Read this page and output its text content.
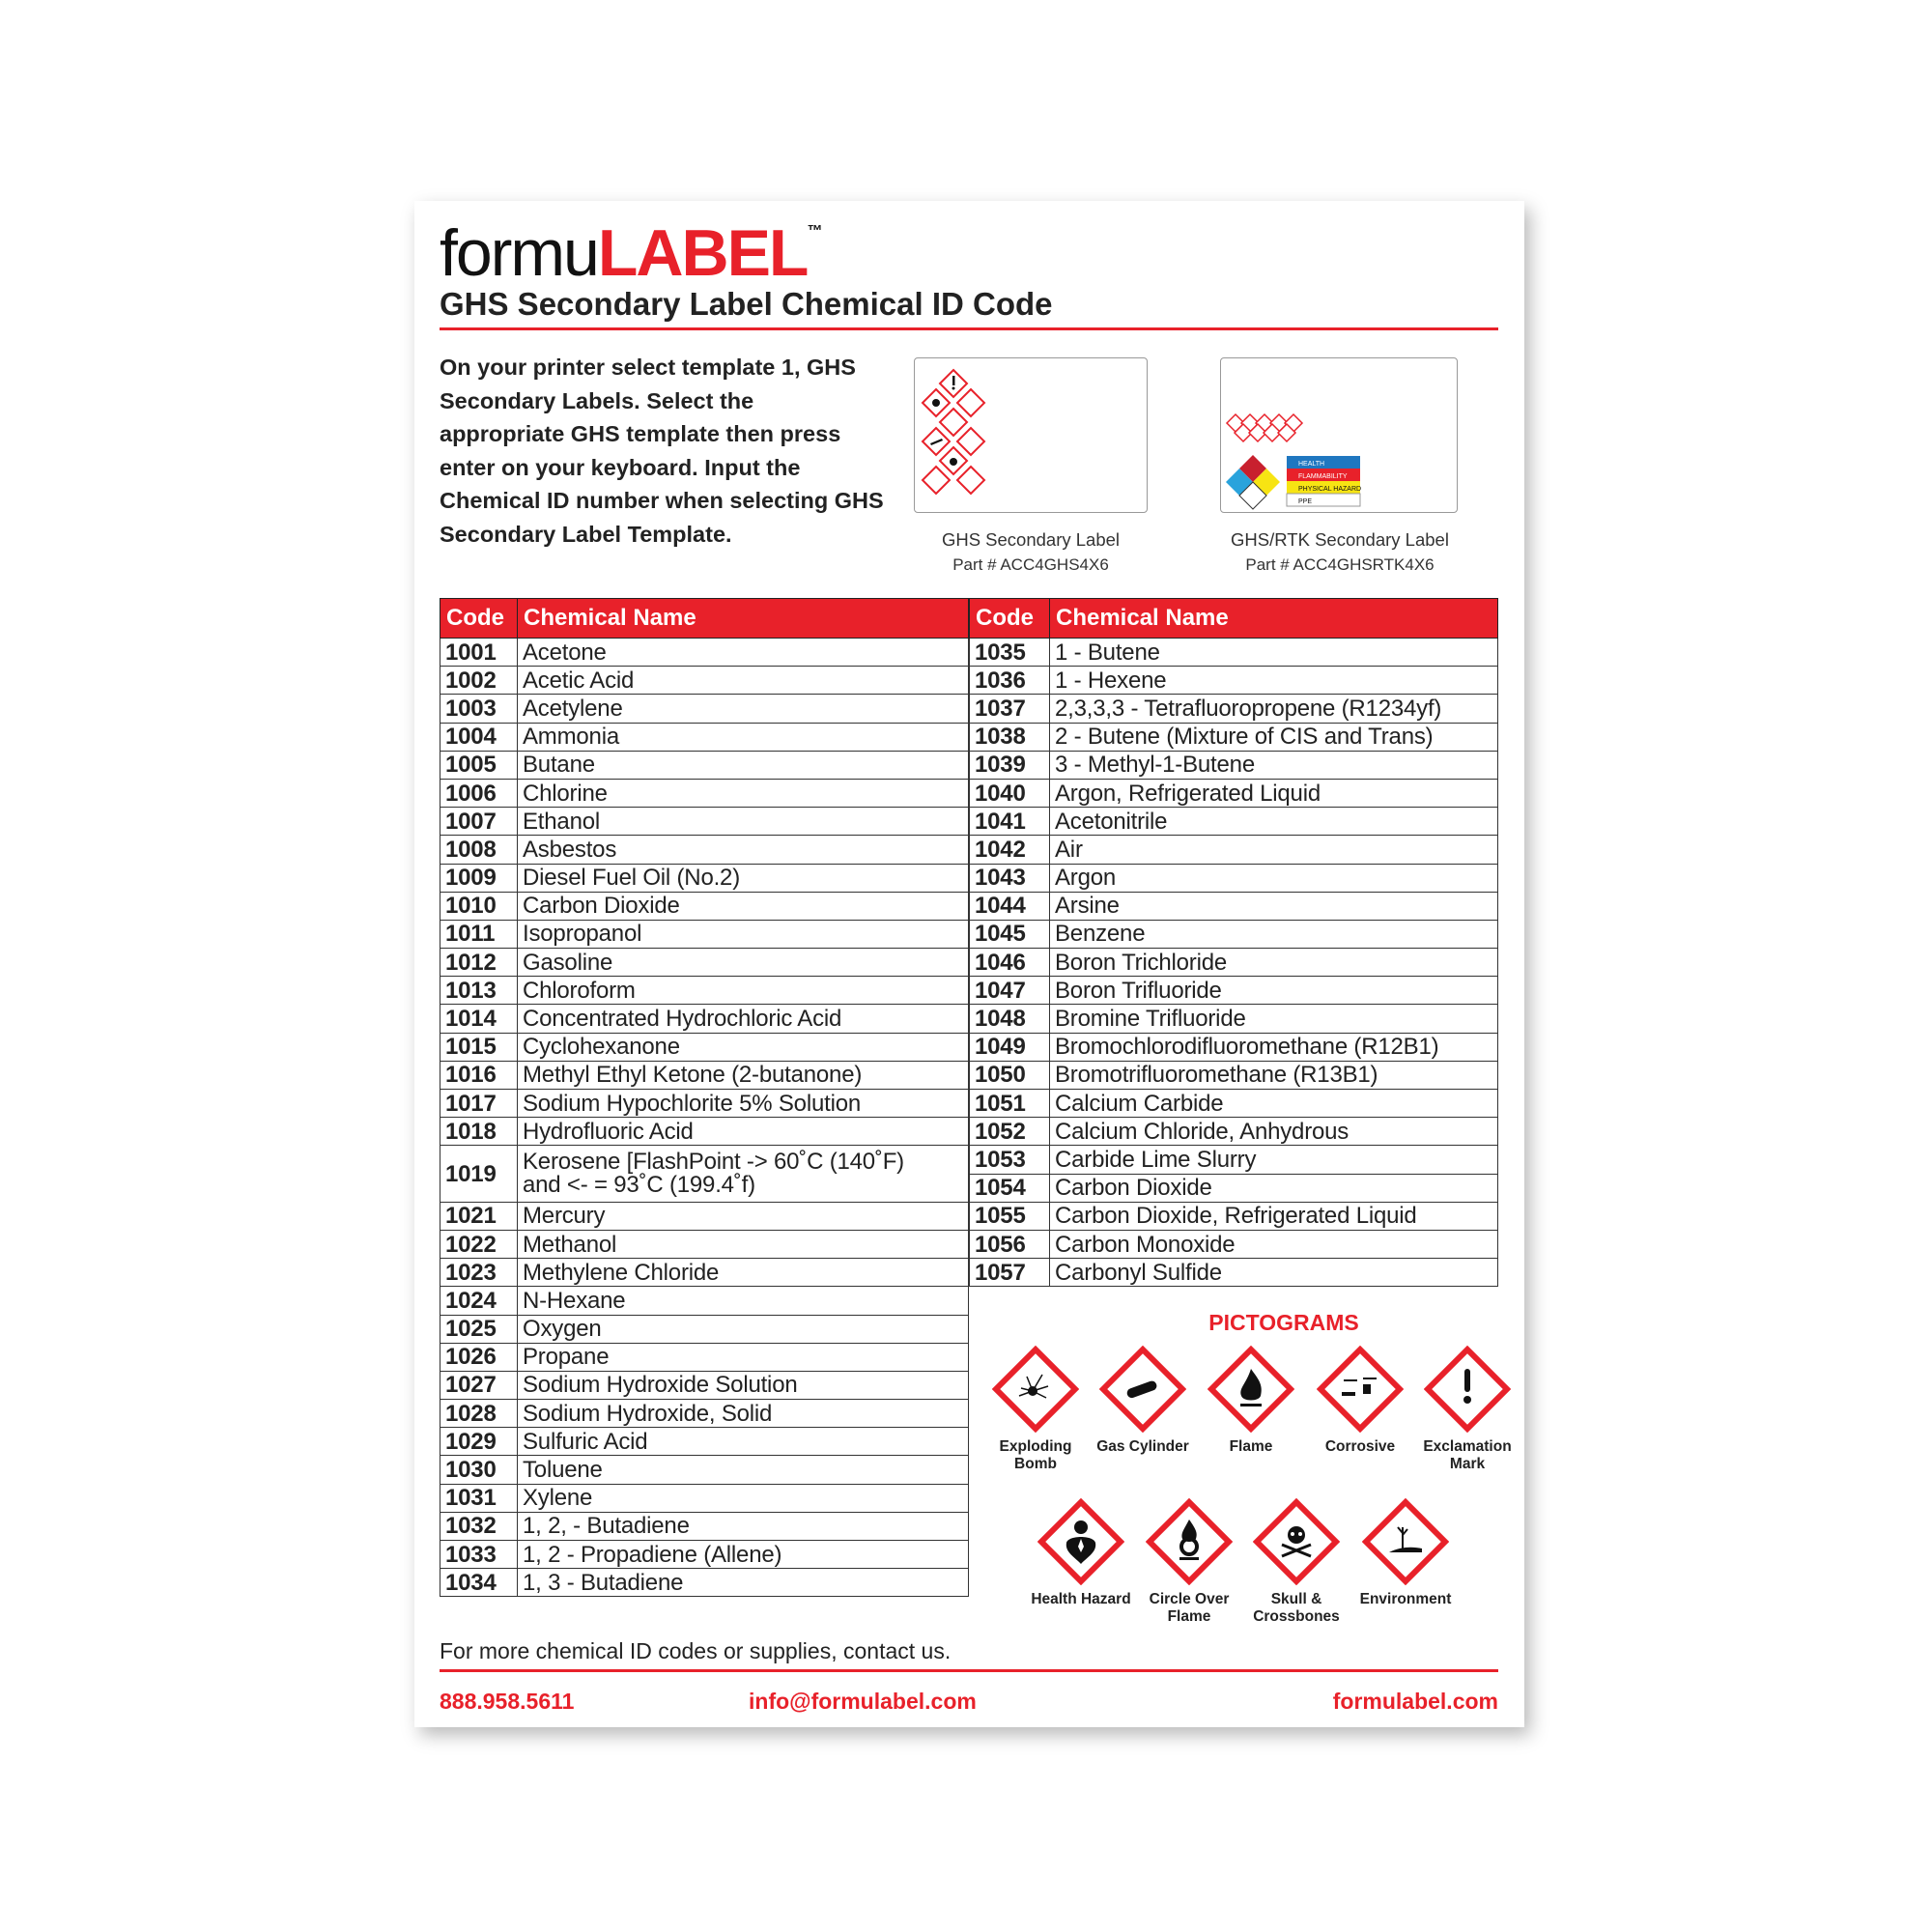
formuLABEL™
GHS Secondary Label Chemical ID Code
On your printer select template 1, GHS Secondary Labels. Select the appropriate GHS template then press enter on your keyboard. Input the Chemical ID number when selecting GHS Secondary Label Template.
HEALTH
FLAMMABILITY
PHYSICAL HAZARD
PPE
GHS Secondary Label
Part # ACC4GHS4X6
GHS/RTK Secondary Label
Part # ACC4GHSRTK4X6
Code	Chemical Name
1001	Acetone

1002	Acetic Acid

1003	Acetylene

1004	Ammonia

1005	Butane

1006	Chlorine

1007	Ethanol

1008	Asbestos

1009	Diesel Fuel Oil (No.2)

1010	Carbon Dioxide

1011	Isopropanol

1012	Gasoline

1013	Chloroform

1014	Concentrated Hydrochloric Acid

1015	Cyclohexanone

1016	Methyl Ethyl Ketone (2-butanone)

1017	Sodium Hypochlorite 5% Solution

1018	Hydrofluoric Acid

1019	Kerosene [FlashPoint -> 60˚C (140˚F)
and <- = 93˚C (199.4˚f)

1021	Mercury

1022	Methanol

1023	Methylene Chloride

1024	N-Hexane

1025	Oxygen

1026	Propane

1027	Sodium Hydroxide Solution

1028	Sodium Hydroxide, Solid

1029	Sulfuric Acid

1030	Toluene

1031	Xylene

1032	1, 2, - Butadiene

1033	1, 2 - Propadiene (Allene)

1034	1, 3 - Butadiene
Code	Chemical Name
1035	1 - Butene

1036	1 - Hexene

1037	2,3,3,3 - Tetrafluoropropene (R1234yf)

1038	2 - Butene (Mixture of CIS and Trans)

1039	3 - Methyl-1-Butene

1040	Argon, Refrigerated Liquid

1041	Acetonitrile

1042	Air

1043	Argon

1044	Arsine

1045	Benzene

1046	Boron Trichloride

1047	Boron Trifluoride

1048	Bromine Trifluoride

1049	Bromochlorodifluoromethane (R12B1)

1050	Bromotrifluoromethane (R13B1)

1051	Calcium Carbide

1052	Calcium Chloride, Anhydrous

1053	Carbide Lime Slurry

1054	Carbon Dioxide

1055	Carbon Dioxide, Refrigerated Liquid

1056	Carbon Monoxide

1057	Carbonyl Sulfide
PICTOGRAMS
Exploding Bomb
Gas Cylinder	Flame	Corrosive	Exclamation Mark
Health Hazard	Circle Over Flame
Skull & Crossbones
Environment
For more chemical ID codes or supplies, contact us.
888.958.5611	info@formulabel.com	formulabel.com
